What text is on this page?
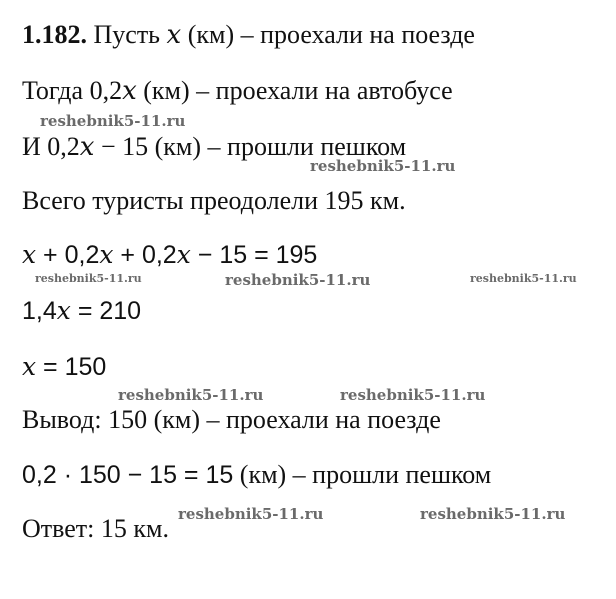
1.182. Пусть x (км) – проехали на поезде
Тогда 0,2x (км) – проехали на автобусе
И 0,2x − 15 (км) – прошли пешком
Всего туристы преодолели 195 км.
x + 0,2x + 0,2x − 15 = 195
1,4x = 210
x = 150
Вывод: 150 (км) – проехали на поезде
0,2 · 150 − 15 = 15 (км) – прошли пешком
Ответ: 15 км.
reshebnik5-11.ru
reshebnik5-11.ru
reshebnik5-11.ru	reshebnik5-11.ru	reshebnik5-11.ru
reshebnik5-11.ru	reshebnik5-11.ru
reshebnik5-11.ru	reshebnik5-11.ru
